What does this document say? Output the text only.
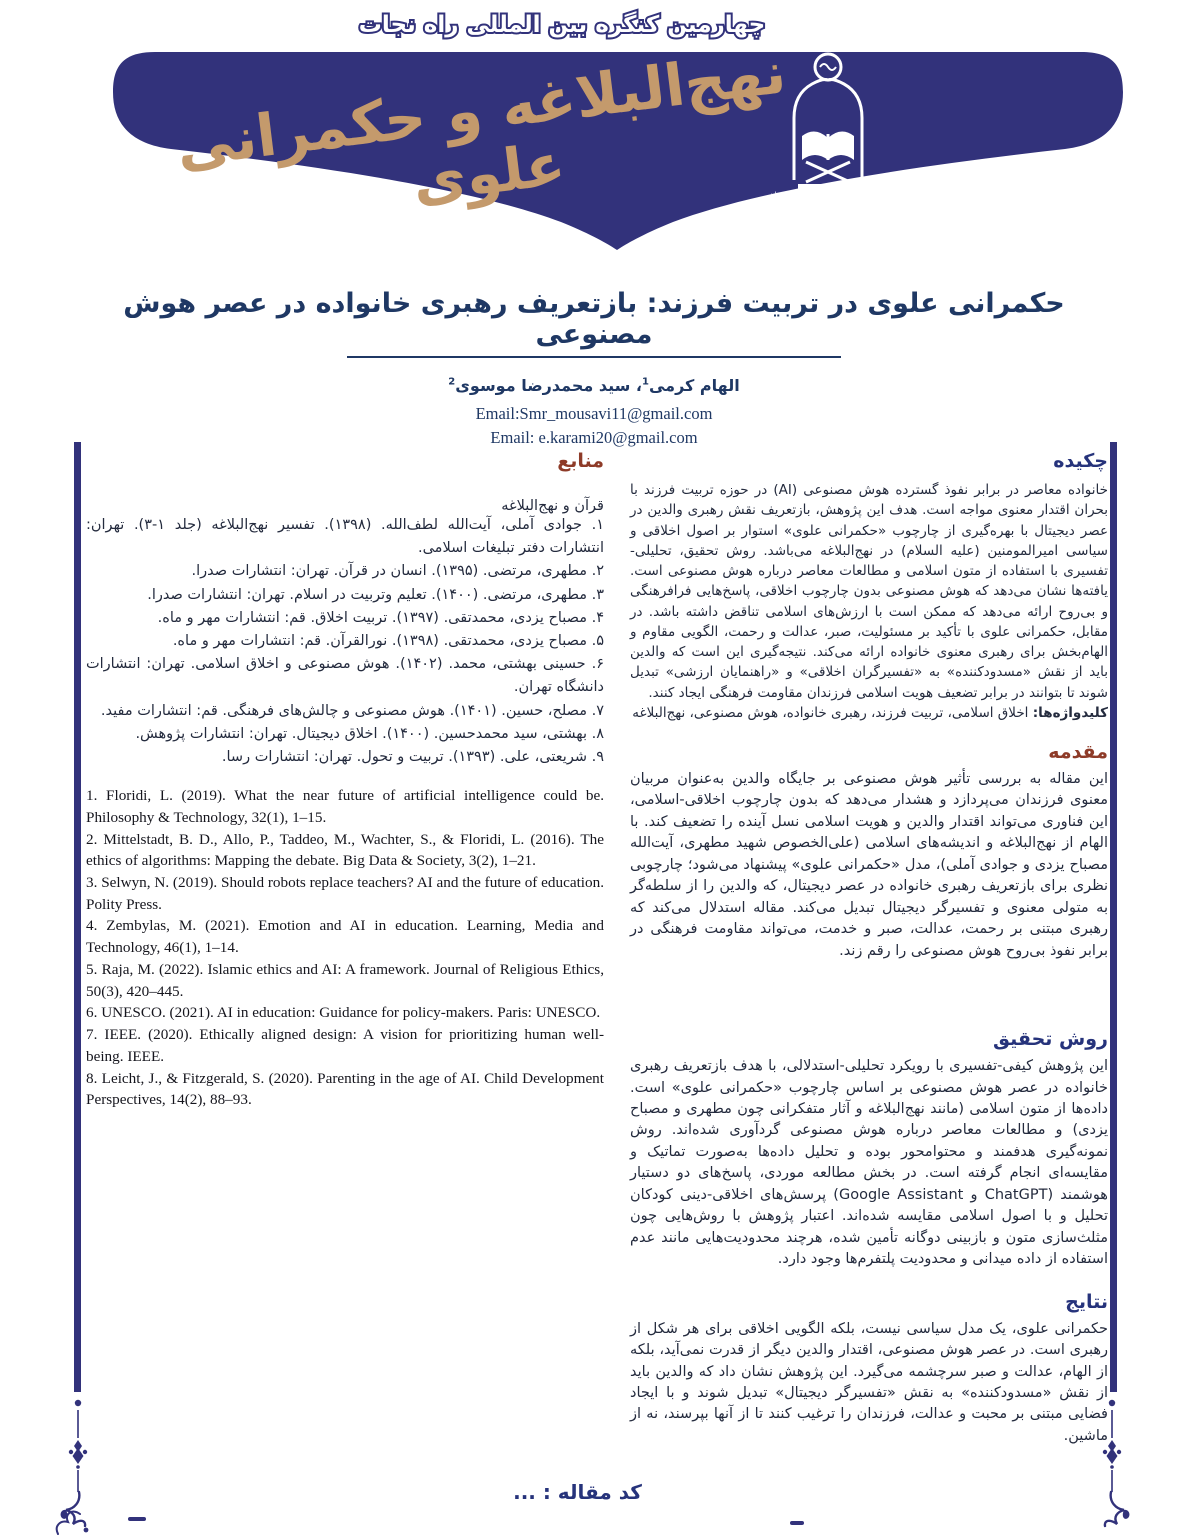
چهارمین کنگره بین المللی راه نجات
نهج‌البلاغه و حکمرانی علوی	موسسه نور نهج البلاغه استان اصفهان
حکمرانی علوی در تربیت فرزند: بازتعریف رهبری خانواده در عصر هوش مصنوعی
الهام کرمی$^1$، سید محمدرضا موسوی$^2$
Email:Smr_mousavi11@gmail.com
Email: e.karami20@gmail.com
چکیده
خانواده معاصر در برابر نفوذ گسترده هوش مصنوعی (AI) در حوزه تربیت فرزند با بحران اقتدار معنوی مواجه است. هدف این پژوهش، بازتعریف نقش رهبری والدین در عصر دیجیتال با بهره‌گیری از چارچوب «حکمرانی علوی» استوار بر اصول اخلاقی و سیاسی امیرالمومنین (علیه السلام) در نهج‌البلاغه می‌باشد. روش تحقیق، تحلیلی-تفسیری با استفاده از متون اسلامی و مطالعات معاصر درباره هوش مصنوعی است. یافته‌ها نشان می‌دهد که هوش مصنوعی بدون چارچوب اخلاقی، پاسخ‌هایی فرافرهنگی و بی‌روح ارائه می‌دهد که ممکن است با ارزش‌های اسلامی تناقض داشته باشد. در مقابل، حکمرانی علوی با تأکید بر مسئولیت، صبر، عدالت و رحمت، الگویی مقاوم و الهام‌بخش برای رهبری معنوی خانواده ارائه می‌کند. نتیجه‌گیری این است که والدین باید از نقش «مسدودکننده» به «تفسیرگران اخلاقی» و «راهنمایان ارزشی» تبدیل شوند تا بتوانند در برابر تضعیف هویت اسلامی فرزندان مقاومت فرهنگی ایجاد کنند.
کلیدواژه‌ها: اخلاق اسلامی، تربیت فرزند، رهبری خانواده، هوش مصنوعی، نهج‌البلاغه
مقدمه
این مقاله به بررسی تأثیر هوش مصنوعی بر جایگاه والدین به‌عنوان مربیان معنوی فرزندان می‌پردازد و هشدار می‌دهد که بدون چارچوب اخلاقی-اسلامی، این فناوری می‌تواند اقتدار والدین و هویت اسلامی نسل آینده را تضعیف کند. با الهام از نهج‌البلاغه و اندیشه‌های اسلامی (علی‌الخصوص شهید مطهری، آیت‌الله مصباح یزدی و جوادی آملی)، مدل «حکمرانی علوی» پیشنهاد می‌شود؛ چارچوبی نظری برای بازتعریف رهبری خانواده در عصر دیجیتال، که والدین را از سلطه‌گر به متولی معنوی و تفسیرگر دیجیتال تبدیل می‌کند. مقاله استدلال می‌کند که رهبری مبتنی بر رحمت، عدالت، صبر و خدمت، می‌تواند مقاومت فرهنگی در برابر نفوذ بی‌روح هوش مصنوعی را رقم زند.
روش تحقیق
این پژوهش کیفی-تفسیری با رویکرد تحلیلی-استدلالی، با هدف بازتعریف رهبری خانواده در عصر هوش مصنوعی بر اساس چارچوب «حکمرانی علوی» است. داده‌ها از متون اسلامی (مانند نهج‌البلاغه و آثار متفکرانی چون مطهری و مصباح یزدی) و مطالعات معاصر درباره هوش مصنوعی گردآوری شده‌اند. روش نمونه‌گیری هدفمند و محتوامحور بوده و تحلیل داده‌ها به‌صورت تماتیک و مقایسه‌ای انجام گرفته است. در بخش مطالعه موردی، پاسخ‌های دو دستیار هوشمند (ChatGPT و Google Assistant) پرسش‌های اخلاقی-دینی کودکان تحلیل و با اصول اسلامی مقایسه شده‌اند. اعتبار پژوهش با روش‌هایی چون مثلث‌سازی متون و بازبینی دوگانه تأمین شده، هرچند محدودیت‌هایی مانند عدم استفاده از داده میدانی و محدودیت پلتفرم‌ها وجود دارد.
نتایج
حکمرانی علوی، یک مدل سیاسی نیست، بلکه الگویی اخلاقی برای هر شکل از رهبری است. در عصر هوش مصنوعی، اقتدار والدین دیگر از قدرت نمی‌آید، بلکه از الهام، عدالت و صبر سرچشمه می‌گیرد. این پژوهش نشان داد که والدین باید از نقش «مسدودکننده» به نقش «تفسیرگر دیجیتال» تبدیل شوند و با ایجاد فضایی مبتنی بر محبت و عدالت، فرزندان را ترغیب کنند تا از آنها بپرسند، نه از ماشین.
منابع
قرآن و نهج‌البلاغه
۱. جوادی آملی، آیت‌الله لطف‌الله. (۱۳۹۸). تفسیر نهج‌البلاغه (جلد ۱-۳). تهران: انتشارات دفتر تبلیغات اسلامی.
۲. مطهری، مرتضی. (۱۳۹۵). انسان در قرآن. تهران: انتشارات صدرا.
۳. مطهری، مرتضی. (۱۴۰۰). تعلیم وتربیت در اسلام. تهران: انتشارات صدرا.
۴. مصباح یزدی، محمدتقی. (۱۳۹۷). تربیت اخلاق. قم: انتشارات مهر و ماه.
۵. مصباح یزدی، محمدتقی. (۱۳۹۸). نورالقرآن. قم: انتشارات مهر و ماه.
۶. حسینی بهشتی، محمد. (۱۴۰۲). هوش مصنوعی و اخلاق اسلامی. تهران: انتشارات دانشگاه تهران.
۷. مصلح، حسین. (۱۴۰۱). هوش مصنوعی و چالش‌های فرهنگی. قم: انتشارات مفید.
۸. بهشتی، سید محمدحسین. (۱۴۰۰). اخلاق دیجیتال. تهران: انتشارات پژوهش.
۹. شریعتی، علی. (۱۳۹۳). تربیت و تحول. تهران: انتشارات رسا.

1. Floridi, L. (2019). What the near future of artificial intelligence could be. Philosophy & Technology, 32(1), 1–15.

2. Mittelstadt, B. D., Allo, P., Taddeo, M., Wachter, S., & Floridi, L. (2016). The ethics of algorithms: Mapping the debate. Big Data & Society, 3(2), 1–21.

3. Selwyn, N. (2019). Should robots replace teachers? AI and the future of education. Polity Press.

4. Zembylas, M. (2021). Emotion and AI in education. Learning, Media and Technology, 46(1), 1–14.

5. Raja, M. (2022). Islamic ethics and AI: A framework. Journal of Religious Ethics, 50(3), 420–445.

6. UNESCO. (2021). AI in education: Guidance for policy-makers. Paris: UNESCO.

7. IEEE. (2020). Ethically aligned design: A vision for prioritizing human well-being. IEEE.

8. Leicht, J., & Fitzgerald, S. (2020). Parenting in the age of AI. Child Development Perspectives, 14(2), 88–93.

کد مقاله : ...
